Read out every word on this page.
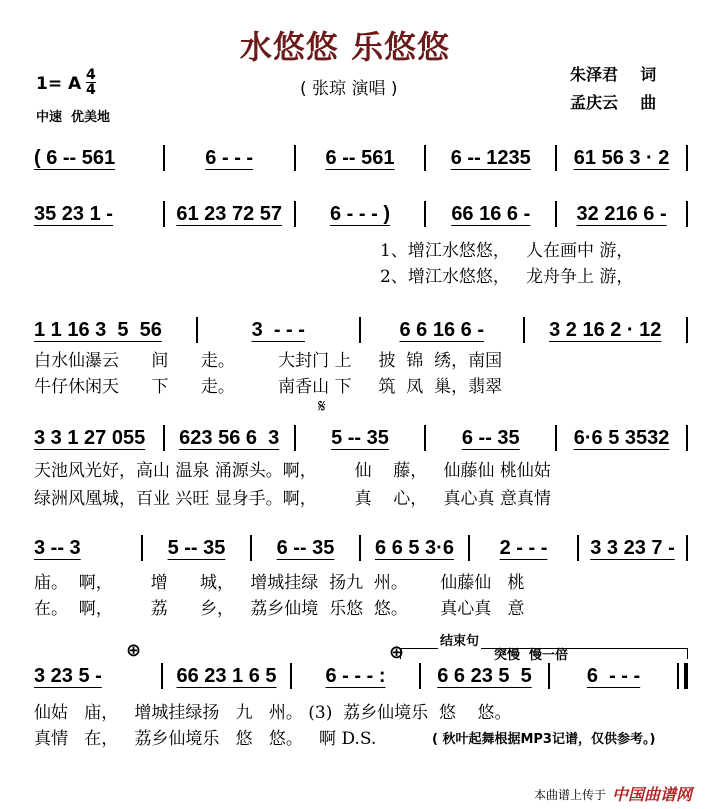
水悠悠 乐悠悠
( 张琼 演唱 )
朱泽君    词
孟庆云    曲
1= A $\frac{4}{4}$
中速  优美地
( 6 -- 561	6 - - -	6 -- 561	6 -- 1235	61 56 3 · 2
35 23 1 -	61 23 72 57	6 - - - )	66 16 6 -	32 216 6 -
1、增江水悠悠，   人在画中 游，
2、增江水悠悠，   龙舟争上 游，
1 1 16 3  5  56	3  - - -	6 6 16 6 -	3 2 16 2 · 12
白水仙瀑云      间      走。        大封门 上     披  锦  绣，南国
牛仔休闲天      下      走。        南香山 下     筑  凤  巢，翡翠
𝄋
3 3 1 27 055	623 56 6  3	5 -- 35	6 -- 35	6·6 5 3532
天池风光好，高山 温泉 涌源头。啊，       仙    藤，   仙藤仙 桃仙姑
绿洲风凰城，百业 兴旺 显身手。啊，       真    心，   真心真 意真情
3 -- 3	5 -- 35	6 -- 35	6 6 5 3·6	2 - - -	3 3 23 7 -
庙。  啊，       增      城，   增城挂绿  扬九  州。      仙藤仙   桃
在。  啊，       荔      乡，   荔乡仙境  乐悠  悠。      真心真   意
结束句
突慢  慢一倍
⊕	⊕
3 23 5 -	66 23 1 6 5	6 - - - :	6 6 23 5  5	6  - - -
仙姑   庙，   增城挂绿扬   九   州。 (3)  荔乡仙境乐  悠    悠。
真情   在，   荔乡仙境乐   悠   悠。   啊 D.S.	( 秋叶起舞根据MP3记谱，仅供参考。)
本曲谱上传于 中国曲谱网
